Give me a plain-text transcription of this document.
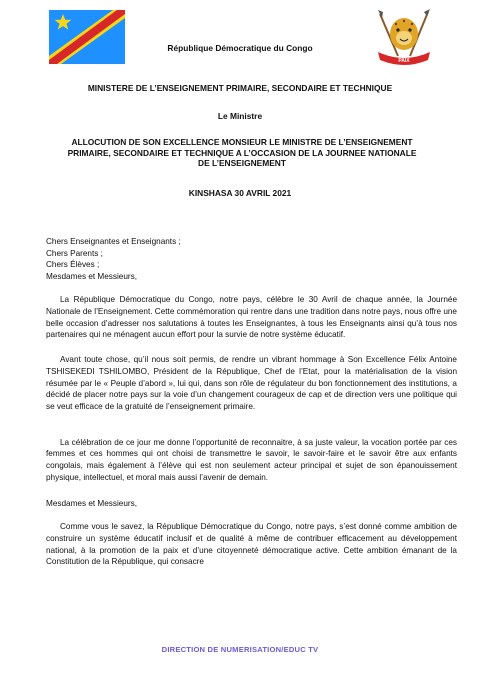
PAIX
République Démocratique du Congo
MINISTERE DE L’ENSEIGNEMENT PRIMAIRE, SECONDAIRE ET TECHNIQUE
Le Ministre
ALLOCUTION DE SON EXCELLENCE MONSIEUR LE MINISTRE DE L’ENSEIGNEMENT PRIMAIRE, SECONDAIRE ET TECHNIQUE A L’OCCASION DE LA JOURNEE NATIONALE DE L’ENSEIGNEMENT
KINSHASA 30 AVRIL 2021

Chers Enseignantes et Enseignants ;

Chers Parents ;

Chers Élèves ;

Mesdames et Messieurs,

La République Démocratique du Congo, notre pays, célèbre le 30 Avril de chaque année, la Journée Nationale de l’Enseignement. Cette commémoration qui rentre dans une tradition dans notre pays, nous offre une belle occasion d’adresser nos salutations à toutes les Enseignantes, à tous les Enseignants ainsi qu’à tous nos partenaires qui ne ménagent aucun effort pour la survie de notre système éducatif.

Avant toute chose, qu’il nous soit permis, de rendre un vibrant hommage à Son Excellence Félix Antoine TSHISEKEDI TSHILOMBO, Président de la République, Chef de l’Etat, pour la matérialisation de la vision résumée par le « Peuple d’abord », lui qui, dans son rôle de régulateur du bon fonctionnement des institutions, a décidé de placer notre pays sur la voie d’un changement courageux de cap et de direction vers une politique qui se veut efficace de la gratuité de l’enseignement primaire.

La célébration de ce jour me donne l’opportunité de reconnaitre, à sa juste valeur, la vocation portée par ces femmes et ces hommes qui ont choisi de transmettre le savoir, le savoir-faire et le savoir être aux enfants congolais, mais également à l’élève qui est non seulement acteur principal et sujet de son épanouissement physique, intellectuel, et moral mais aussi l’avenir de demain.

Mesdames et Messieurs,

Comme vous le savez, la République Démocratique du Congo, notre pays, s’est donné comme ambition de construire un système éducatif inclusif et de qualité à même de contribuer efficacement au développement national, à la promotion de la paix et d’une citoyenneté démocratique active. Cette ambition émanant de la Constitution de la République, qui consacre

DIRECTION DE NUMERISATION/EDUC TV
